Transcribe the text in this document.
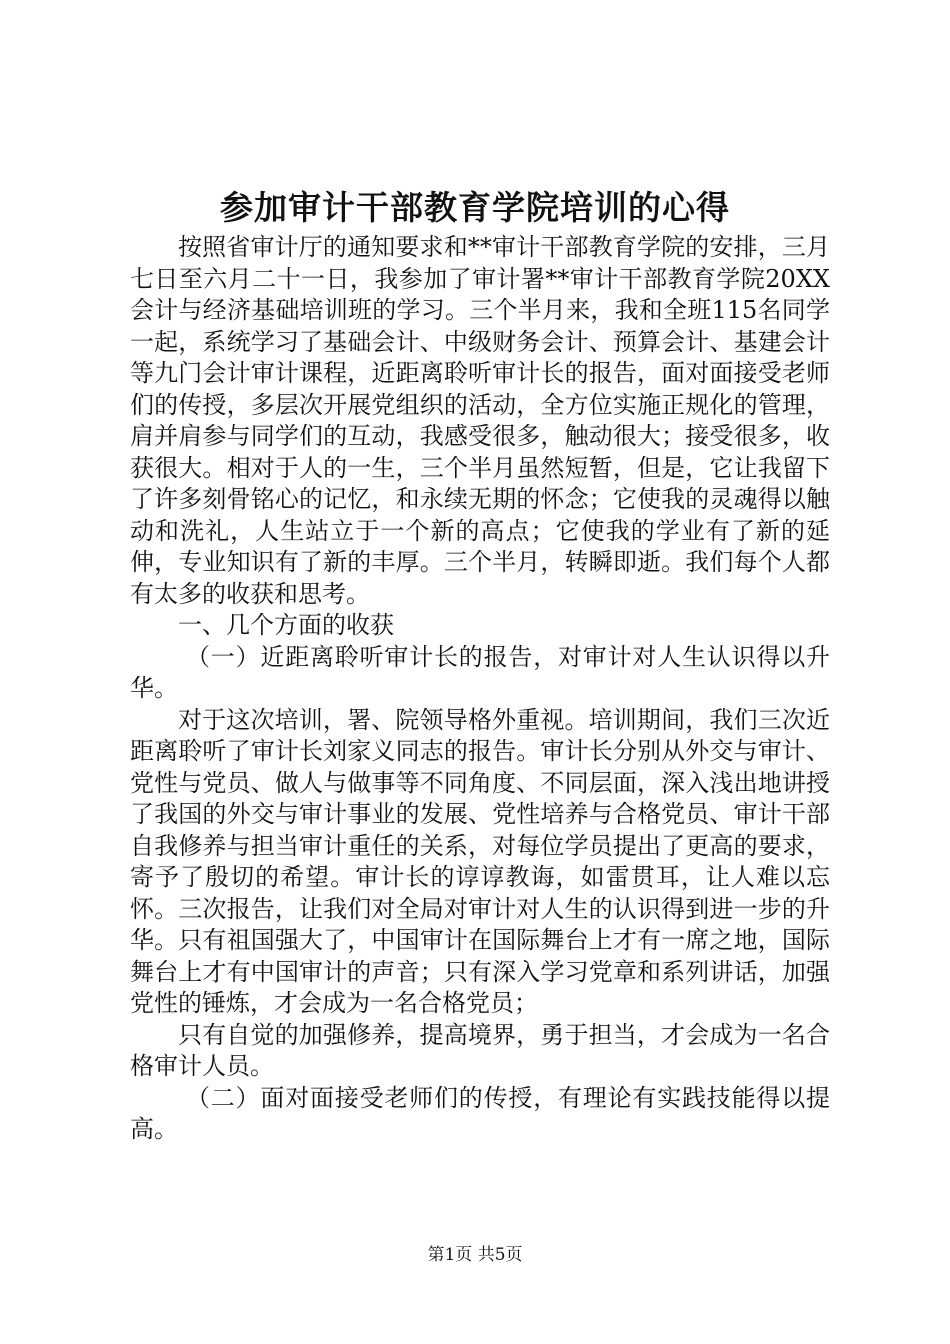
参加审计干部教育学院培训的心得

按照省审计厅的通知要求和**审计干部教育学院的安排，三月七日至六月二十一日，我参加了审计署**审计干部教育学院20XX会计与经济基础培训班的学习。三个半月来，我和全班115名同学一起，系统学习了基础会计、中级财务会计、预算会计、基建会计等九门会计审计课程，近距离聆听审计长的报告，面对面接受老师们的传授，多层次开展党组织的活动，全方位实施正规化的管理，肩并肩参与同学们的互动，我感受很多，触动很大；接受很多，收获很大。相对于人的一生，三个半月虽然短暂，但是，它让我留下了许多刻骨铭心的记忆，和永续无期的怀念；它使我的灵魂得以触动和洗礼，人生站立于一个新的高点；它使我的学业有了新的延伸，专业知识有了新的丰厚。三个半月，转瞬即逝。我们每个人都有太多的收获和思考。

一、几个方面的收获

（一）近距离聆听审计长的报告，对审计对人生认识得以升华。

对于这次培训，署、院领导格外重视。培训期间，我们三次近距离聆听了审计长刘家义同志的报告。审计长分别从外交与审计、党性与党员、做人与做事等不同角度、不同层面，深入浅出地讲授了我国的外交与审计事业的发展、党性培养与合格党员、审计干部自我修养与担当审计重任的关系，对每位学员提出了更高的要求，寄予了殷切的希望。审计长的谆谆教诲，如雷贯耳，让人难以忘怀。三次报告，让我们对全局对审计对人生的认识得到进一步的升华。只有祖国强大了，中国审计在国际舞台上才有一席之地，国际舞台上才有中国审计的声音；只有深入学习党章和系列讲话，加强党性的锤炼，才会成为一名合格党员；

只有自觉的加强修养，提高境界，勇于担当，才会成为一名合格审计人员。

（二）面对面接受老师们的传授，有理论有实践技能得以提高。

第1页 共5页
